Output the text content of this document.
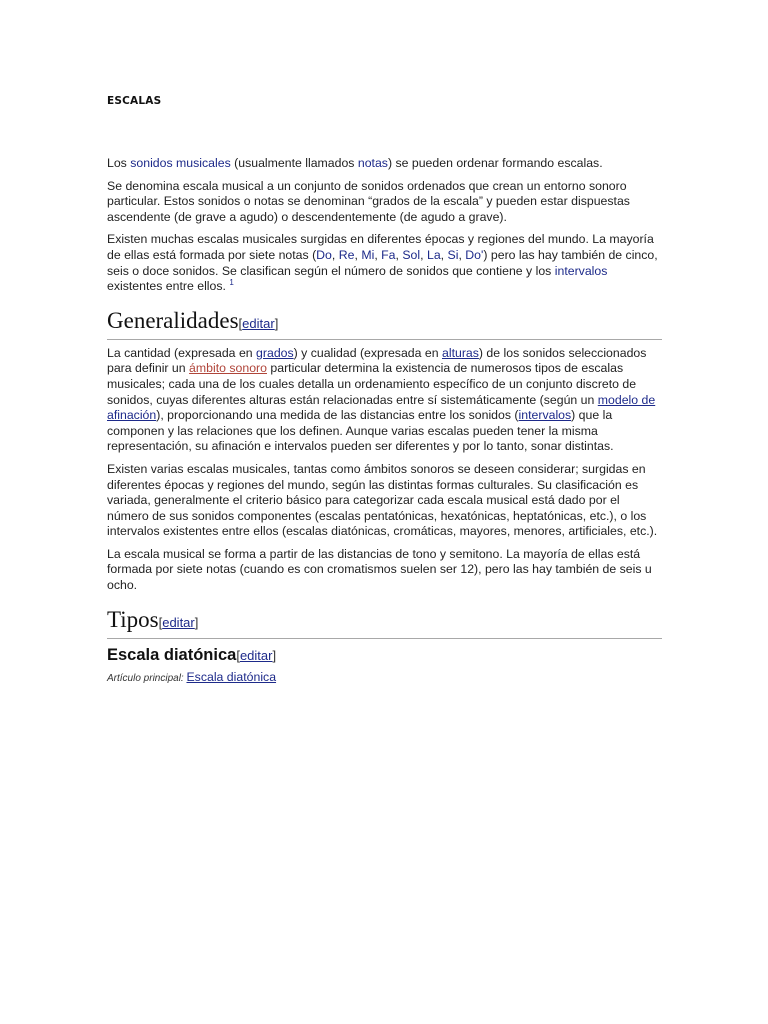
ESCALAS

Los sonidos musicales (usualmente llamados notas) se pueden ordenar formando escalas.

Se denomina escala musical a un conjunto de sonidos ordenados que crean un entorno sonoro particular. Estos sonidos o notas se denominan “grados de la escala” y pueden estar dispuestas ascendente (de grave a agudo) o descendentemente (de agudo a grave).

Existen muchas escalas musicales surgidas en diferentes épocas y regiones del mundo. La mayoría de ellas está formada por siete notas (Do, Re, Mi, Fa, Sol, La, Si, Do') pero las hay también de cinco, seis o doce sonidos. Se clasifican según el número de sonidos que contiene y los intervalos existentes entre ellos. $^1$

Generalidades[editar]

La cantidad (expresada en grados) y cualidad (expresada en alturas) de los sonidos seleccionados para definir un ámbito sonoro particular determina la existencia de numerosos tipos de escalas musicales; cada una de los cuales detalla un ordenamiento específico de un conjunto discreto de sonidos, cuyas diferentes alturas están relacionadas entre sí sistemáticamente (según un modelo de afinación), proporcionando una medida de las distancias entre los sonidos (intervalos) que la componen y las relaciones que los definen. Aunque varias escalas pueden tener la misma representación, su afinación e intervalos pueden ser diferentes y por lo tanto, sonar distintas.

Existen varias escalas musicales, tantas como ámbitos sonoros se deseen considerar; surgidas en diferentes épocas y regiones del mundo, según las distintas formas culturales. Su clasificación es variada, generalmente el criterio básico para categorizar cada escala musical está dado por el número de sus sonidos componentes (escalas pentatónicas, hexatónicas, heptatónicas, etc.), o los intervalos existentes entre ellos (escalas diatónicas, cromáticas, mayores, menores, artificiales, etc.).

La escala musical se forma a partir de las distancias de tono y semitono. La mayoría de ellas está formada por siete notas (cuando es con cromatismos suelen ser 12), pero las hay también de seis u ocho.

Tipos[editar]
Escala diatónica[editar]

Artículo principal: Escala diatónica
